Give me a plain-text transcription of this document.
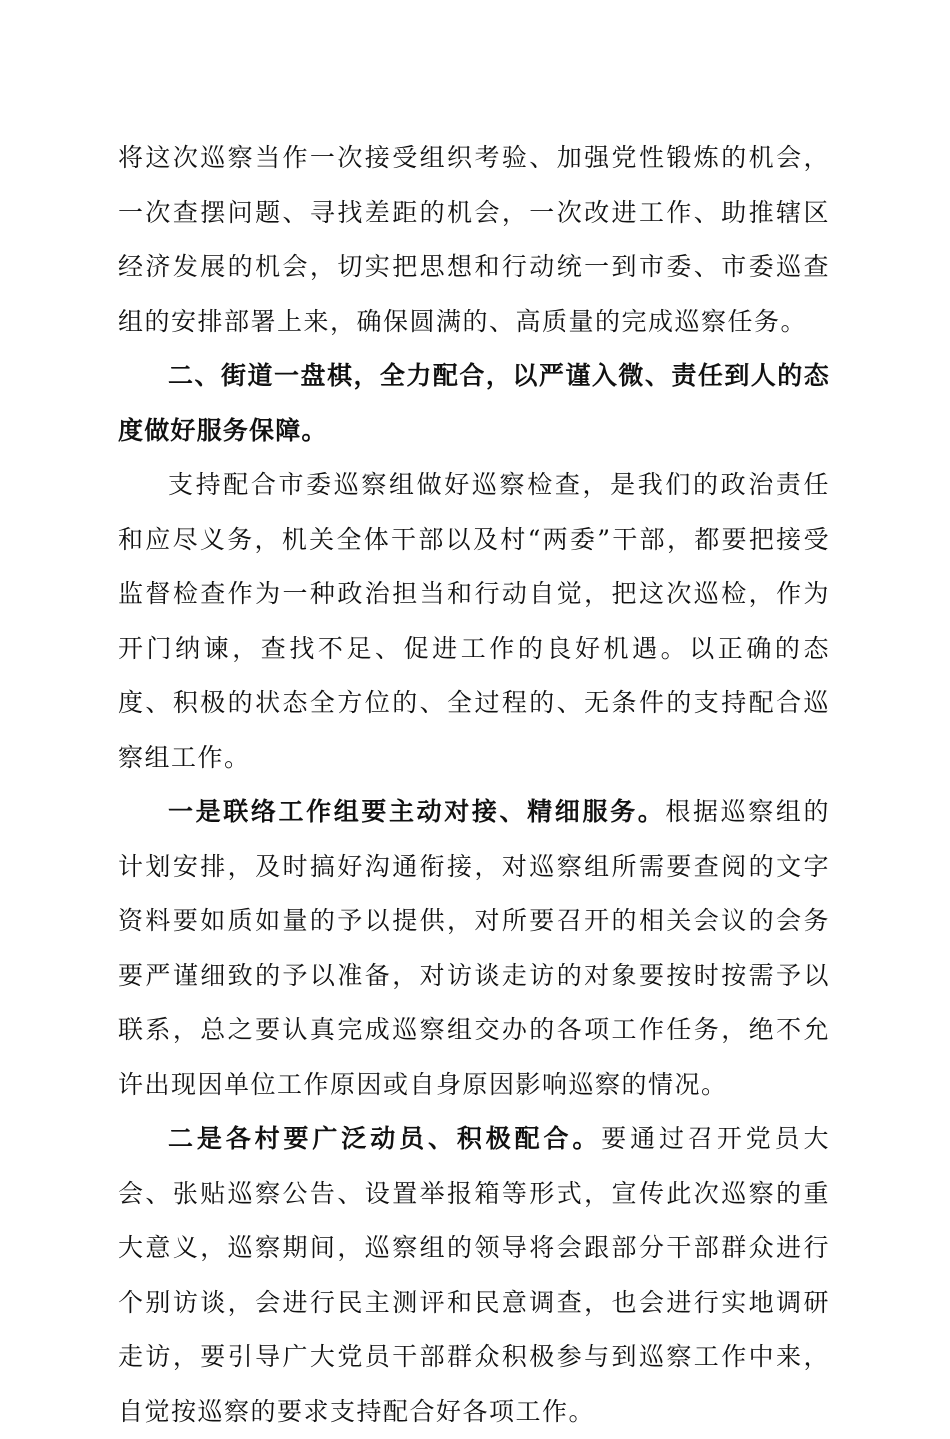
将这次巡察当作一次接受组织考验、加强党性锻炼的机会，一次查摆问题、寻找差距的机会，一次改进工作、助推辖区经济发展的机会，切实把思想和行动统一到市委、市委巡查组的安排部署上来，确保圆满的、高质量的完成巡察任务。

二、街道一盘棋，全力配合，以严谨入微、责任到人的态度做好服务保障。

支持配合市委巡察组做好巡察检查，是我们的政治责任和应尽义务，机关全体干部以及村“两委”干部，都要把接受监督检查作为一种政治担当和行动自觉，把这次巡检，作为开门纳谏，查找不足、促进工作的良好机遇。以正确的态度、积极的状态全方位的、全过程的、无条件的支持配合巡察组工作。

一是联络工作组要主动对接、精细服务。根据巡察组的计划安排，及时搞好沟通衔接，对巡察组所需要查阅的文字资料要如质如量的予以提供，对所要召开的相关会议的会务要严谨细致的予以准备，对访谈走访的对象要按时按需予以联系，总之要认真完成巡察组交办的各项工作任务，绝不允许出现因单位工作原因或自身原因影响巡察的情况。

二是各村要广泛动员、积极配合。要通过召开党员大会、张贴巡察公告、设置举报箱等形式，宣传此次巡察的重大意义，巡察期间，巡察组的领导将会跟部分干部群众进行个别访谈，会进行民主测评和民意调查，也会进行实地调研走访，要引导广大党员干部群众积极参与到巡察工作中来，自觉按巡察的要求支持配合好各项工作。
